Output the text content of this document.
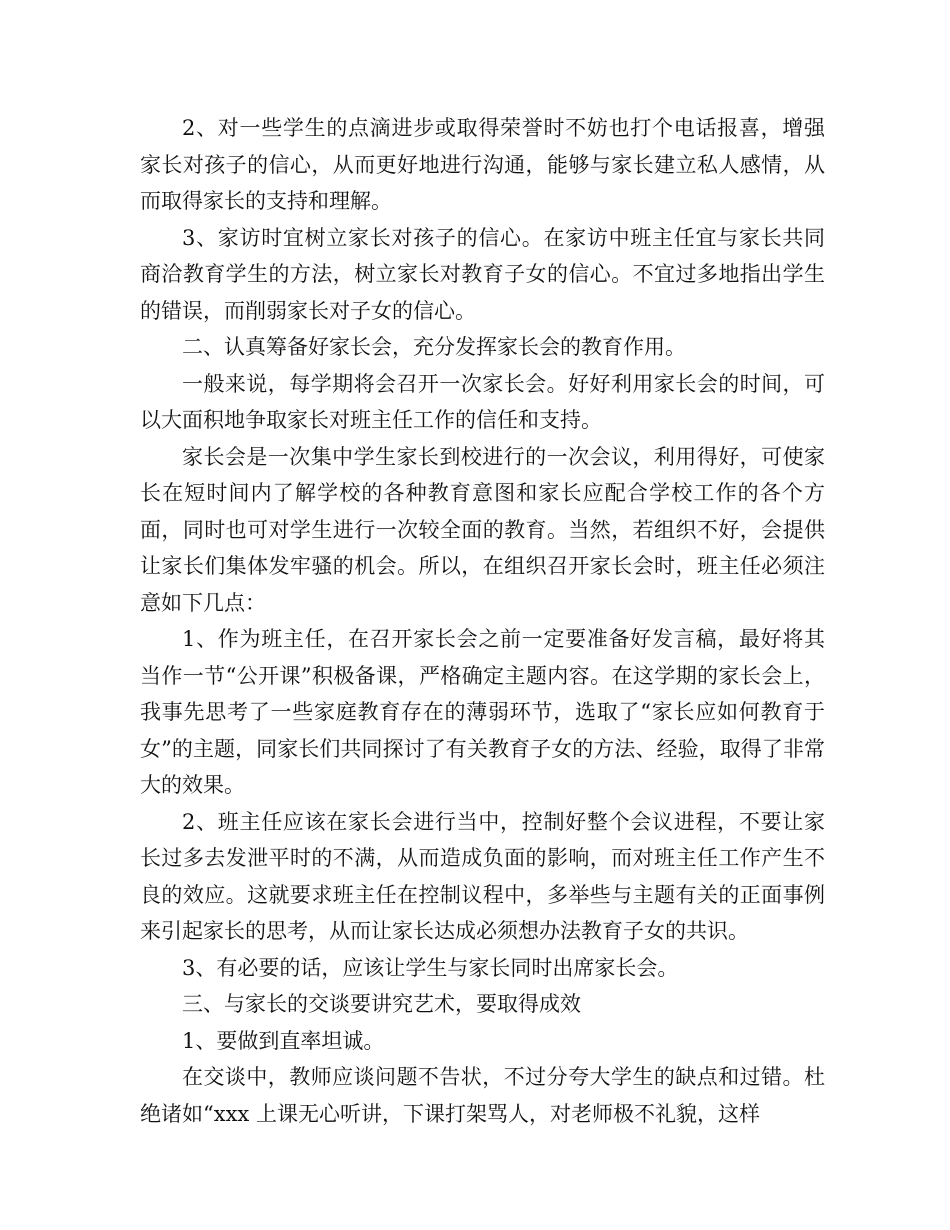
2、对一些学生的点滴进步或取得荣誉时不妨也打个电话报喜，增强家长对孩子的信心，从而更好地进行沟通，能够与家长建立私人感情，从而取得家长的支持和理解。

3、家访时宜树立家长对孩子的信心。在家访中班主任宜与家长共同商洽教育学生的方法，树立家长对教育子女的信心。不宜过多地指出学生的错误，而削弱家长对子女的信心。

二、认真筹备好家长会，充分发挥家长会的教育作用。

一般来说，每学期将会召开一次家长会。好好利用家长会的时间，可以大面积地争取家长对班主任工作的信任和支持。

家长会是一次集中学生家长到校进行的一次会议，利用得好，可使家长在短时间内了解学校的各种教育意图和家长应配合学校工作的各个方面，同时也可对学生进行一次较全面的教育。当然，若组织不好，会提供让家长们集体发牢骚的机会。所以，在组织召开家长会时，班主任必须注意如下几点：

1、作为班主任，在召开家长会之前一定要准备好发言稿，最好将其当作一节“公开课”积极备课，严格确定主题内容。在这学期的家长会上，我事先思考了一些家庭教育存在的薄弱环节，选取了“家长应如何教育于女”的主题，同家长们共同探讨了有关教育子女的方法、经验，取得了非常大的效果。

2、班主任应该在家长会进行当中，控制好整个会议进程，不要让家长过多去发泄平时的不满，从而造成负面的影响，而对班主任工作产生不良的效应。这就要求班主任在控制议程中，多举些与主题有关的正面事例来引起家长的思考，从而让家长达成必须想办法教育子女的共识。

3、有必要的话，应该让学生与家长同时出席家长会。

三、与家长的交谈要讲究艺术，要取得成效

1、要做到直率坦诚。

在交谈中，教师应谈问题不告状，不过分夸大学生的缺点和过错。杜绝诸如“xxx 上课无心听讲，下课打架骂人，对老师极不礼貌，这样
